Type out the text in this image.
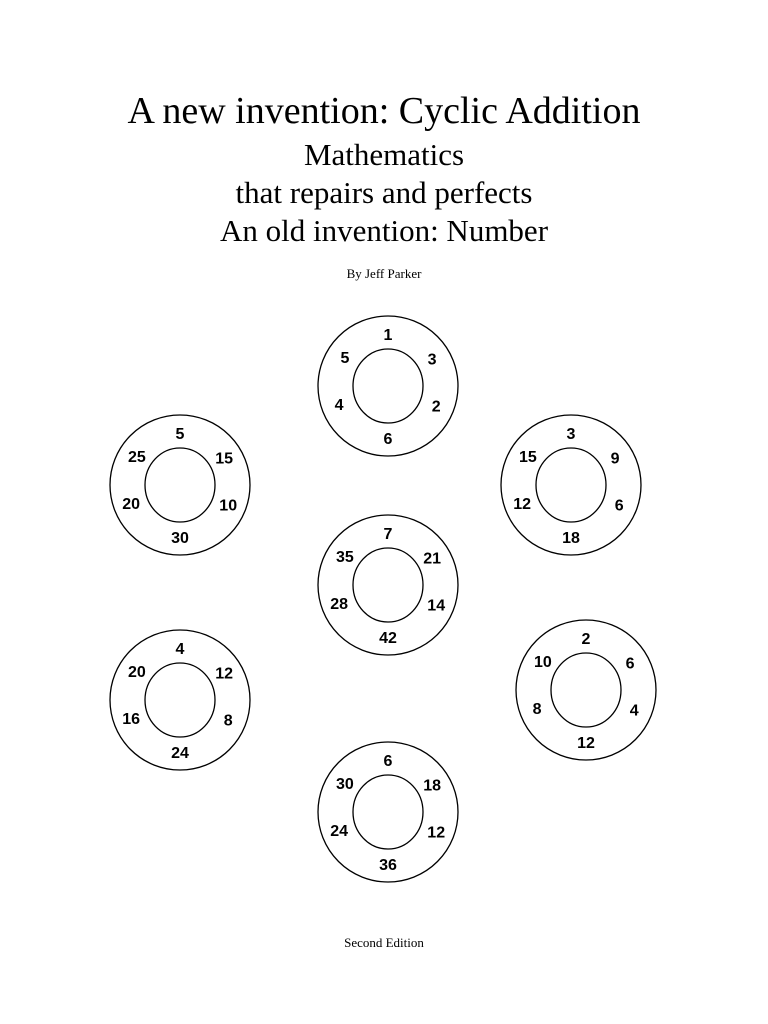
A new invention: Cyclic Addition
Mathematics
that repairs and perfects
An old invention: Number
By Jeff Parker
1
3
2
6
4
5
5
15
10
30
20
25
3
9
6
18
12
15
7
21
14
42
28
35
4
12
8
24
16
20
2
6
4
12
8
10
6
18
12
36
24
30
Second Edition
